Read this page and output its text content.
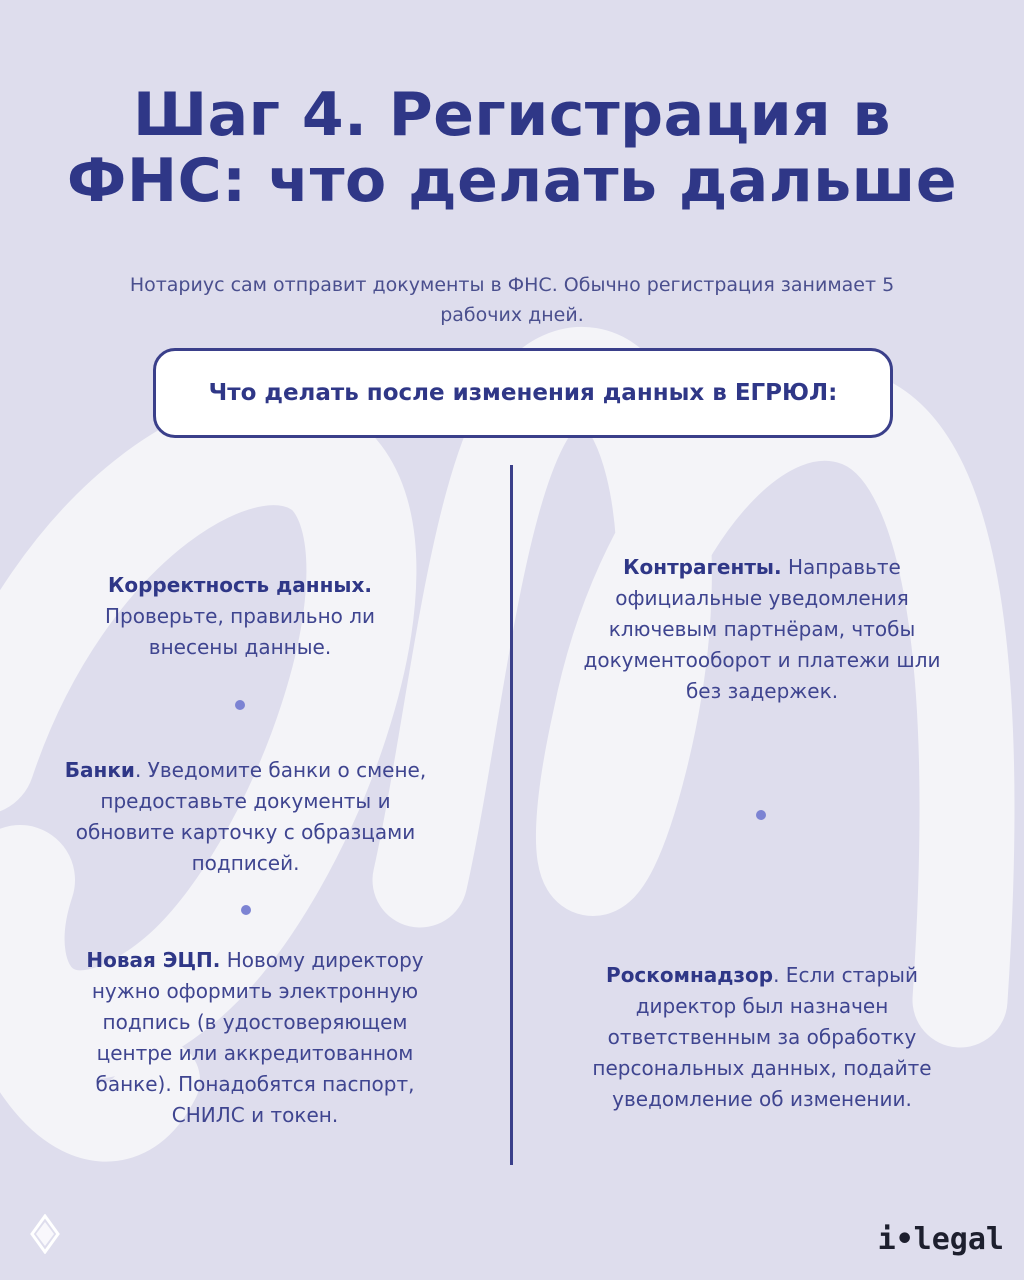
Шаг 4. Регистрация в ФНС: что делать дальше
Нотариус сам отправит документы в ФНС. Обычно регистрация занимает 5 рабочих дней.
Что делать после изменения данных в ЕГРЮЛ:
Корректность данных. Проверьте, правильно ли внесены данные.
Банки. Уведомите банки о смене, предоставьте документы и обновите карточку с образцами подписей.
Новая ЭЦП. Новому директору нужно оформить электронную подпись (в удостоверяющем центре или аккредитованном банке). Понадобятся паспорт, СНИЛС и токен.
Контрагенты. Направьте официальные уведомления ключевым партнёрам, чтобы документооборот и платежи шли без задержек.
Роскомнадзор. Если старый директор был назначен ответственным за обработку персональных данных, подайте уведомление об изменении.
i•legal
